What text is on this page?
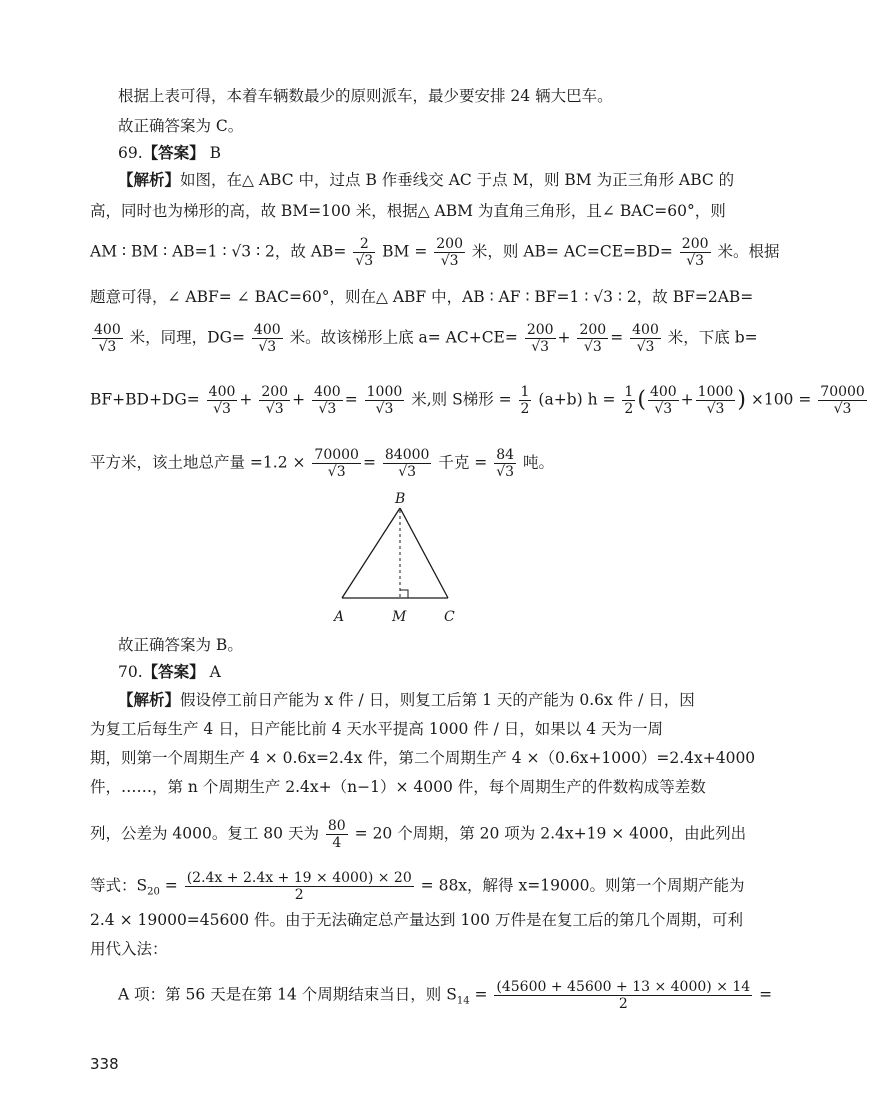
根据上表可得，本着车辆数最少的原则派车，最少要安排 24 辆大巴车。
故正确答案为 C。
69.【答案】 B
【解析】如图，在△ ABC 中，过点 B 作垂线交 AC 于点 M，则 BM 为正三角形 ABC 的
高，同时也为梯形的高，故 BM=100 米，根据△ ABM 为直角三角形，且∠ BAC=60°，则
AM ∶ BM ∶ AB=1 ∶ √3 ∶ 2，故 $AB= \frac{2}{√3}$ BM = $\frac{200}{√3}$ 米，则 $AB= AC=CE=BD= \frac{200}{√3}$ 米。根据
题意可得，∠ ABF= ∠ BAC=60°，则在△ ABF 中，AB ∶ AF ∶ BF=1 ∶ √3 ∶ 2，故 BF=2AB=
$\frac{400}{√3}$ 米，同理，$DG= \frac{400}{√3}$ 米。故该梯形上底 $a= AC+CE= \frac{200}{√3} + \frac{200}{√3} = \frac{400}{√3}$ 米，下底 b=
$BF+BD+DG= \frac{400}{√3} + \frac{200}{√3} + \frac{400}{√3} = \frac{1000}{√3}$ 米,则 S梯形 = $\frac{1}{2} (a+b) h = \frac{1}{2}$ ( $\frac{400}{√3} + \frac{1000}{√3}$ ) $\times 100 = \frac{70000}{√3}$
平方米，该土地总产量 $=1.2 \times \frac{70000}{√3} = \frac{84000}{√3}$ 千克 = $\frac{84}{√3}$ 吨。
B
A	M	C
故正确答案为 B。
70.【答案】 A
【解析】假设停工前日产能为 x 件 / 日，则复工后第 1 天的产能为 0.6x 件 / 日，因
为复工后每生产 4 日，日产能比前 4 天水平提高 1000 件 / 日，如果以 4 天为一周
期，则第一个周期生产 4 × 0.6x=2.4x 件，第二个周期生产 4 ×（0.6x+1000）=2.4x+4000
件，……，第 n 个周期生产 2.4x+（n−1）× 4000 件，每个周期生产的件数构成等差数
列，公差为 4000。复工 80 天为 $\frac{80}{4} = 20$ 个周期，第 20 项为 2.4x+19 × 4000，由此列出
等式：$S_{20} = \frac{(2.4x + 2.4x + 19 \times 4000) \times 20}{2} = 88x$，解得 x=19000。则第一个周期产能为
2.4 × 19000=45600 件。由于无法确定总产量达到 100 万件是在复工后的第几个周期，可利
用代入法：
A 项：第 56 天是在第 14 个周期结束当日，则 $S_{14} = \frac{(45600 + 45600 + 13 \times 4000) \times 14}{2}$ =
338
